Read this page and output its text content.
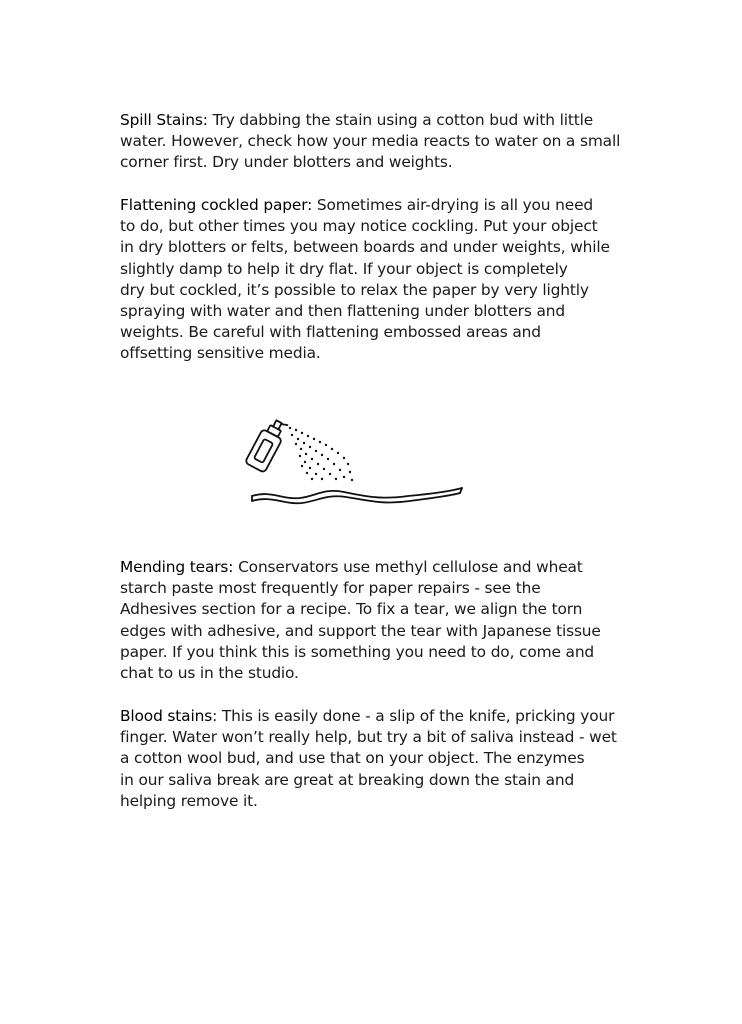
Spill Stains: Try dabbing the stain using a cotton bud with little
water. However, check how your media reacts to water on a small
corner first. Dry under blotters and weights.

Flattening cockled paper: Sometimes air-drying is all you need
to do, but other times you may notice cockling. Put your object
in dry blotters or felts, between boards and under weights, while
slightly damp to help it dry flat. If your object is completely
dry but cockled, it’s possible to relax the paper by very lightly
spraying with water and then flattening under blotters and
weights. Be careful with flattening embossed areas and
offsetting sensitive media.

Mending tears: Conservators use methyl cellulose and wheat
starch paste most frequently for paper repairs - see the
Adhesives section for a recipe. To fix a tear, we align the torn
edges with adhesive, and support the tear with Japanese tissue
paper. If you think this is something you need to do, come and
chat to us in the studio.

Blood stains: This is easily done - a slip of the knife, pricking your
finger. Water won’t really help, but try a bit of saliva instead - wet
a cotton wool bud, and use that on your object. The enzymes
in our saliva break are great at breaking down the stain and
helping remove it.
